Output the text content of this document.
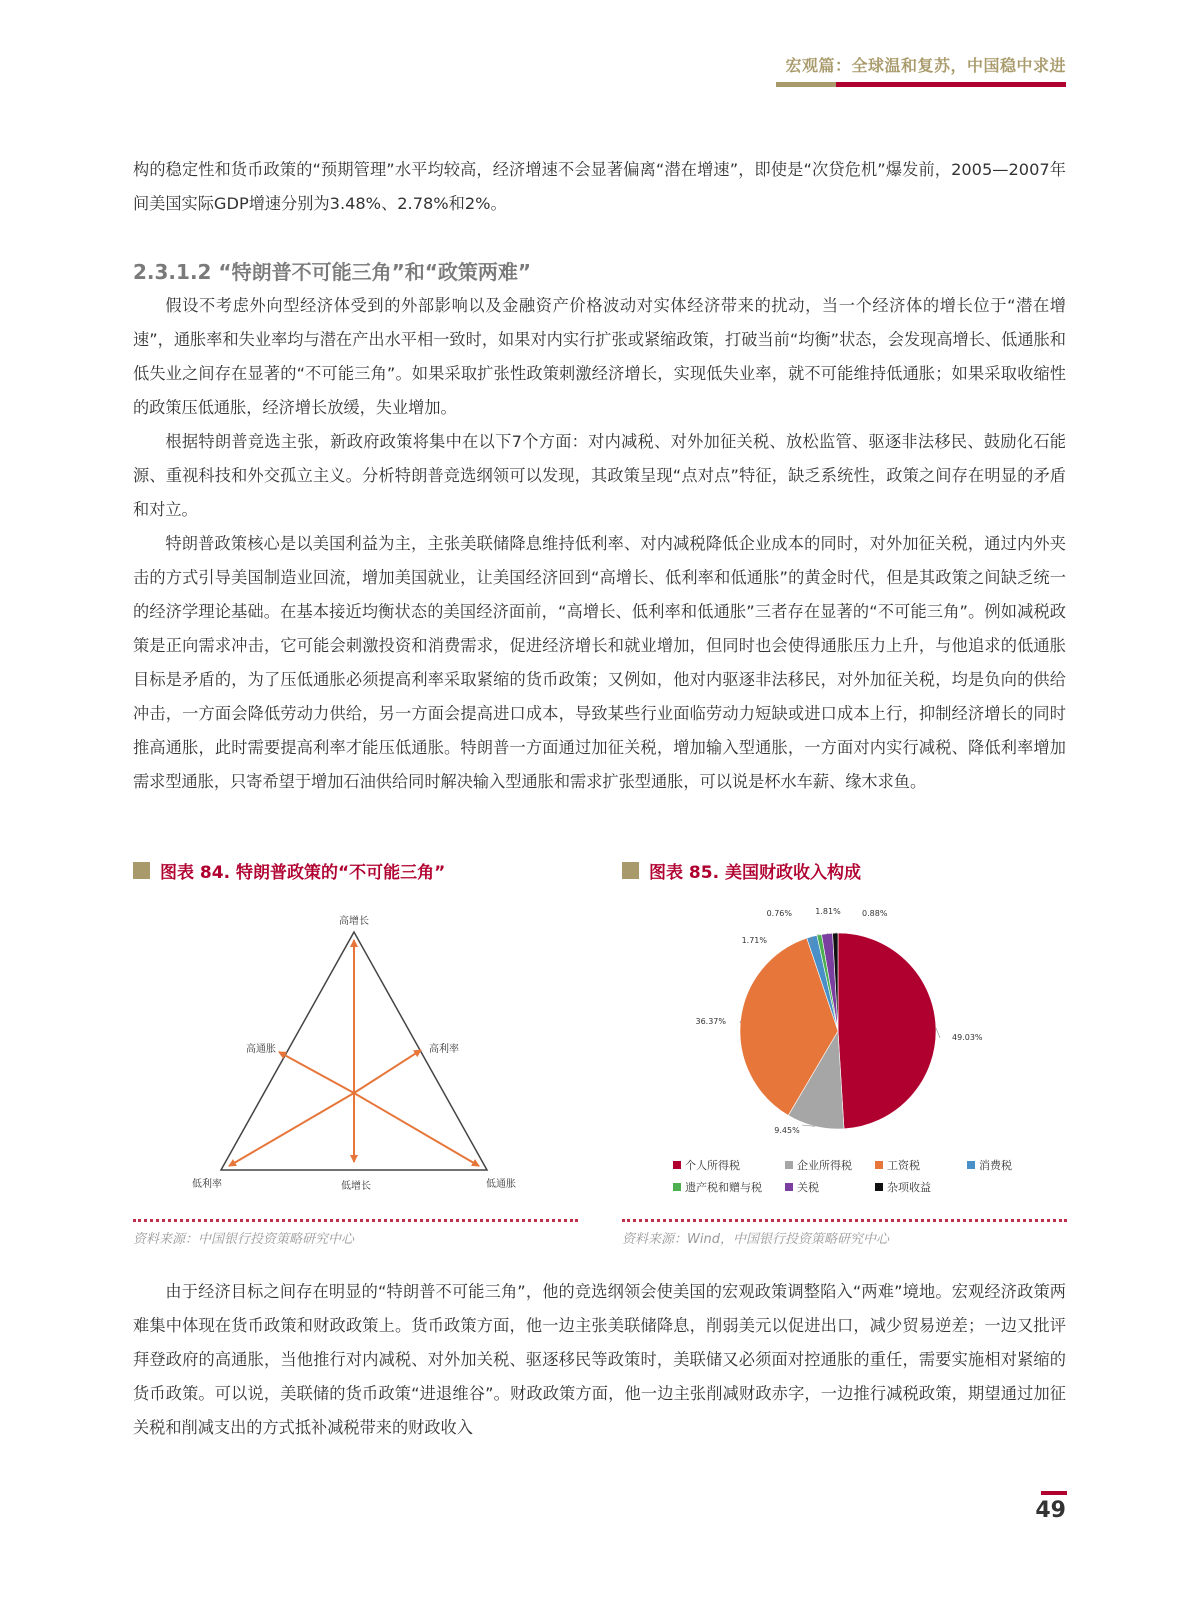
宏观篇：全球温和复苏，中国稳中求进

构的稳定性和货币政策的“预期管理”水平均较高，经济增速不会显著偏离“潜在增速”，即使是“次贷危机”爆发前，2005—2007年间美国实际GDP增速分别为3.48%、2.78%和2%。

2.3.1.2 “特朗普不可能三角”和“政策两难”

假设不考虑外向型经济体受到的外部影响以及金融资产价格波动对实体经济带来的扰动，当一个经济体的增长位于“潜在增速”，通胀率和失业率均与潜在产出水平相一致时，如果对内实行扩张或紧缩政策，打破当前“均衡”状态，会发现高增长、低通胀和低失业之间存在显著的“不可能三角”。如果采取扩张性政策刺激经济增长，实现低失业率，就不可能维持低通胀；如果采取收缩性的政策压低通胀，经济增长放缓，失业增加。

根据特朗普竞选主张，新政府政策将集中在以下7个方面：对内减税、对外加征关税、放松监管、驱逐非法移民、鼓励化石能源、重视科技和外交孤立主义。分析特朗普竞选纲领可以发现，其政策呈现“点对点”特征，缺乏系统性，政策之间存在明显的矛盾和对立。

特朗普政策核心是以美国利益为主，主张美联储降息维持低利率、对内减税降低企业成本的同时，对外加征关税，通过内外夹击的方式引导美国制造业回流，增加美国就业，让美国经济回到“高增长、低利率和低通胀”的黄金时代，但是其政策之间缺乏统一的经济学理论基础。在基本接近均衡状态的美国经济面前，“高增长、低利率和低通胀”三者存在显著的“不可能三角”。例如减税政策是正向需求冲击，它可能会刺激投资和消费需求，促进经济增长和就业增加，但同时也会使得通胀压力上升，与他追求的低通胀目标是矛盾的，为了压低通胀必须提高利率采取紧缩的货币政策；又例如，他对内驱逐非法移民，对外加征关税，均是负向的供给冲击，一方面会降低劳动力供给，另一方面会提高进口成本，导致某些行业面临劳动力短缺或进口成本上行，抑制经济增长的同时推高通胀，此时需要提高利率才能压低通胀。特朗普一方面通过加征关税，增加输入型通胀，一方面对内实行减税、降低利率增加需求型通胀，只寄希望于增加石油供给同时解决输入型通胀和需求扩张型通胀，可以说是杯水车薪、缘木求鱼。

图表 84. 特朗普政策的“不可能三角”
高增长
高通胀	高利率
低利率	低增长	低通胀
资料来源：中国银行投资策略研究中心
图表 85. 美国财政收入构成
49.03%
9.45%
36.37%
1.71%
0.76%	1.81%	0.88%
个人所得税	企业所得税	工资税	消费税
遗产税和赠与税	关税	杂项收益
资料来源：Wind，中国银行投资策略研究中心

由于经济目标之间存在明显的“特朗普不可能三角”，他的竞选纲领会使美国的宏观政策调整陷入“两难”境地。宏观经济政策两难集中体现在货币政策和财政政策上。货币政策方面，他一边主张美联储降息，削弱美元以促进出口，减少贸易逆差；一边又批评拜登政府的高通胀，当他推行对内减税、对外加关税、驱逐移民等政策时，美联储又必须面对控通胀的重任，需要实施相对紧缩的货币政策。可以说，美联储的货币政策“进退维谷”。财政政策方面，他一边主张削减财政赤字，一边推行减税政策，期望通过加征关税和削减支出的方式抵补减税带来的财政收入

49
